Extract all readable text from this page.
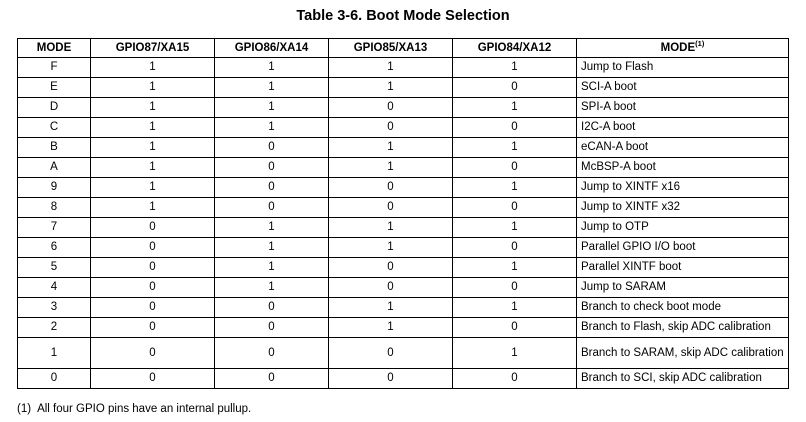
Table 3-6. Boot Mode Selection
MODE	GPIO87/XA15	GPIO86/XA14	GPIO85/XA13	GPIO84/XA12	MODE$^{(1)}$
F	1	1	1	1	Jump to Flash
E	1	1	1	0	SCI-A boot
D	1	1	0	1	SPI-A boot
C	1	1	0	0	I2C-A boot
B	1	0	1	1	eCAN-A boot
A	1	0	1	0	McBSP-A boot
9	1	0	0	1	Jump to XINTF x16
8	1	0	0	0	Jump to XINTF x32
7	0	1	1	1	Jump to OTP
6	0	1	1	0	Parallel GPIO I/O boot
5	0	1	0	1	Parallel XINTF boot
4	0	1	0	0	Jump to SARAM
3	0	0	1	1	Branch to check boot mode
2	0	0	1	0	Branch to Flash, skip ADC calibration
1	0	0	0	1	Branch to SARAM, skip ADC calibration
0	0	0	0	0	Branch to SCI, skip ADC calibration
(1) All four GPIO pins have an internal pullup.
